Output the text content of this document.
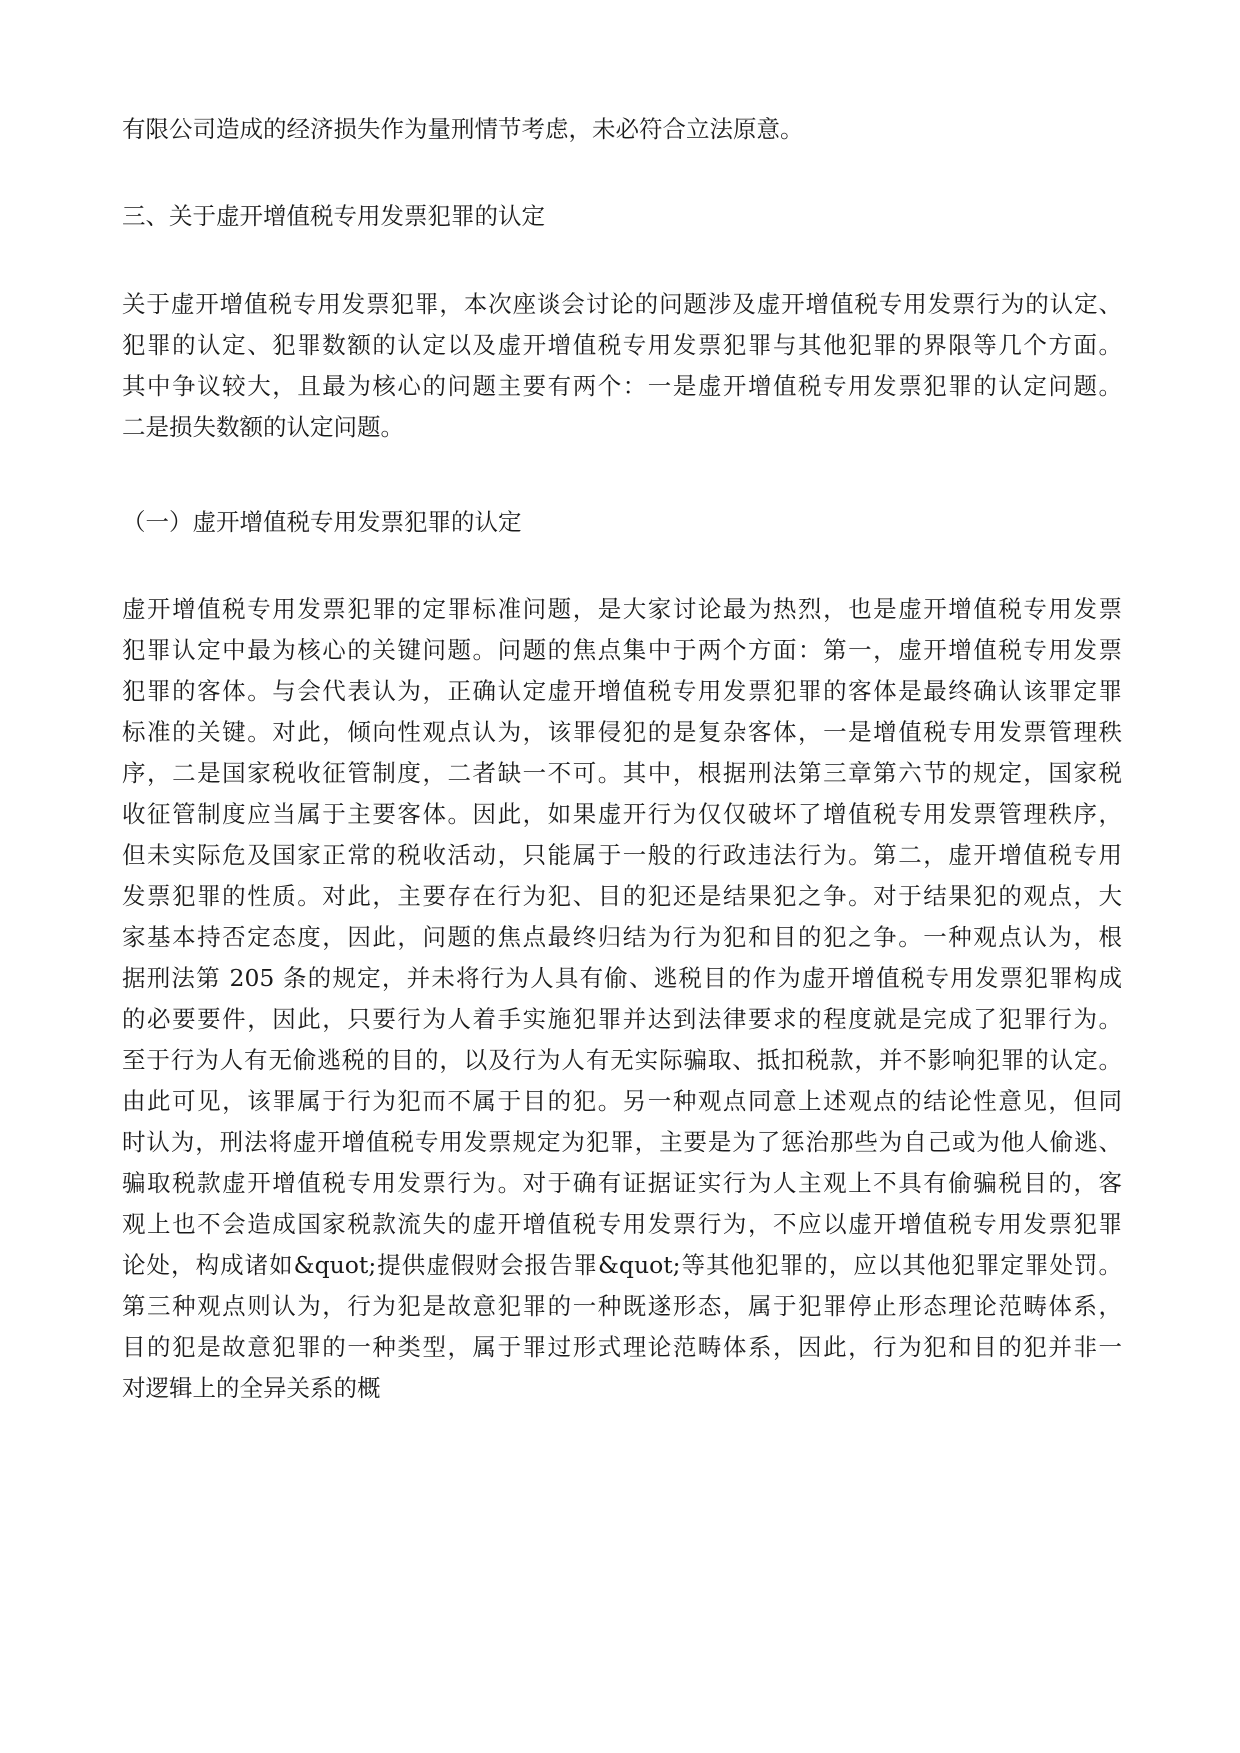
有限公司造成的经济损失作为量刑情节考虑，未必符合立法原意。

三、关于虚开增值税专用发票犯罪的认定

关于虚开增值税专用发票犯罪，本次座谈会讨论的问题涉及虚开增值税专用发票行为的认定、
犯罪的认定、犯罪数额的认定以及虚开增值税专用发票犯罪与其他犯罪的界限等几个方面。
其中争议较大，且最为核心的问题主要有两个：一是虚开增值税专用发票犯罪的认定问题。
二是损失数额的认定问题。

（一）虚开增值税专用发票犯罪的认定

虚开增值税专用发票犯罪的定罪标准问题，是大家讨论最为热烈，也是虚开增值税专用发票
犯罪认定中最为核心的关键问题。问题的焦点集中于两个方面：第一，虚开增值税专用发票
犯罪的客体。与会代表认为，正确认定虚开增值税专用发票犯罪的客体是最终确认该罪定罪
标准的关键。对此，倾向性观点认为，该罪侵犯的是复杂客体，一是增值税专用发票管理秩
序，二是国家税收征管制度，二者缺一不可。其中，根据刑法第三章第六节的规定，国家税
收征管制度应当属于主要客体。因此，如果虚开行为仅仅破坏了增值税专用发票管理秩序，
但未实际危及国家正常的税收活动，只能属于一般的行政违法行为。第二，虚开增值税专用
发票犯罪的性质。对此，主要存在行为犯、目的犯还是结果犯之争。对于结果犯的观点，大
家基本持否定态度，因此，问题的焦点最终归结为行为犯和目的犯之争。一种观点认为，根
据刑法第 205 条的规定，并未将行为人具有偷、逃税目的作为虚开增值税专用发票犯罪构成
的必要要件，因此，只要行为人着手实施犯罪并达到法律要求的程度就是完成了犯罪行为。
至于行为人有无偷逃税的目的，以及行为人有无实际骗取、抵扣税款，并不影响犯罪的认定。
由此可见，该罪属于行为犯而不属于目的犯。另一种观点同意上述观点的结论性意见，但同
时认为，刑法将虚开增值税专用发票规定为犯罪，主要是为了惩治那些为自己或为他人偷逃、
骗取税款虚开增值税专用发票行为。对于确有证据证实行为人主观上不具有偷骗税目的，客
观上也不会造成国家税款流失的虚开增值税专用发票行为，不应以虚开增值税专用发票犯罪
论处，构成诸如&quot;提供虚假财会报告罪&quot;等其他犯罪的，应以其他犯罪定罪处罚。
第三种观点则认为，行为犯是故意犯罪的一种既遂形态，属于犯罪停止形态理论范畴体系，
目的犯是故意犯罪的一种类型，属于罪过形式理论范畴体系，因此，行为犯和目的犯并非一
对逻辑上的全异关系的概
